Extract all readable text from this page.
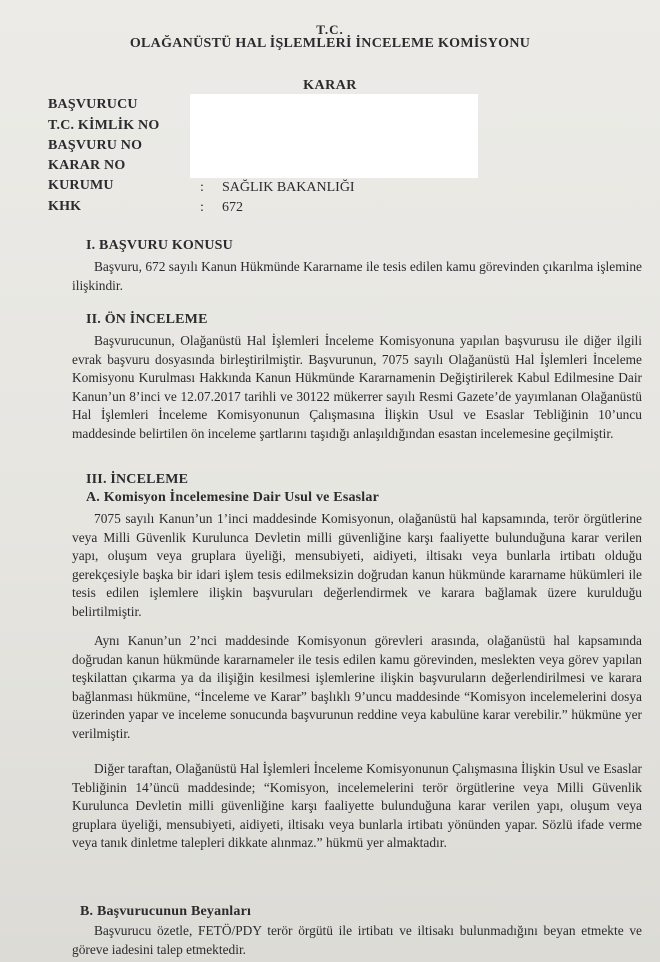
T.C.
OLAĞANÜSTÜ HAL İŞLEMLERİ İNCELEME KOMİSYONU
KARAR
BAŞVURUCU
T.C. KİMLİK NO
BAŞVURU NO
KARAR NO
KURUMU	: SAĞLIK BAKANLIĞI
KHK	: 672
I. BAŞVURU KONUSU

Başvuru, 672 sayılı Kanun Hükmünde Kararname ile tesis edilen kamu görevinden çıkarılma işlemine ilişkindir.

II. ÖN İNCELEME

Başvurucunun, Olağanüstü Hal İşlemleri İnceleme Komisyonuna yapılan başvurusu ile diğer ilgili evrak başvuru dosyasında birleştirilmiştir. Başvurunun, 7075 sayılı Olağanüstü Hal İşlemleri İnceleme Komisyonu Kurulması Hakkında Kanun Hükmünde Kararnamenin Değiştirilerek Kabul Edilmesine Dair Kanun’un 8’inci ve 12.07.2017 tarihli ve 30122 mükerrer sayılı Resmi Gazete’de yayımlanan Olağanüstü Hal İşlemleri İnceleme Komisyonunun Çalışmasına İlişkin Usul ve Esaslar Tebliğinin 10’uncu maddesinde belirtilen ön inceleme şartlarını taşıdığı anlaşıldığından esastan incelemesine geçilmiştir.

III. İNCELEME
A. Komisyon İncelemesine Dair Usul ve Esaslar

7075 sayılı Kanun’un 1’inci maddesinde Komisyonun, olağanüstü hal kapsamında, terör örgütlerine veya Milli Güvenlik Kurulunca Devletin milli güvenliğine karşı faaliyette bulunduğuna karar verilen yapı, oluşum veya gruplara üyeliği, mensubiyeti, aidiyeti, iltisakı veya bunlarla irtibatı olduğu gerekçesiyle başka bir idari işlem tesis edilmeksizin doğrudan kanun hükmünde kararname hükümleri ile tesis edilen işlemlere ilişkin başvuruları değerlendirmek ve karara bağlamak üzere kurulduğu belirtilmiştir.

Aynı Kanun’un 2’nci maddesinde Komisyonun görevleri arasında, olağanüstü hal kapsamında doğrudan kanun hükmünde kararnameler ile tesis edilen kamu görevinden, meslekten veya görev yapılan teşkilattan çıkarma ya da ilişiğin kesilmesi işlemlerine ilişkin başvuruların değerlendirilmesi ve karara bağlanması hükmüne, “İnceleme ve Karar” başlıklı 9’uncu maddesinde “Komisyon incelemelerini dosya üzerinden yapar ve inceleme sonucunda başvurunun reddine veya kabulüne karar verebilir.” hükmüne yer verilmiştir.

Diğer taraftan, Olağanüstü Hal İşlemleri İnceleme Komisyonunun Çalışmasına İlişkin Usul ve Esaslar Tebliğinin 14’üncü maddesinde; “Komisyon, incelemelerini terör örgütlerine veya Milli Güvenlik Kurulunca Devletin milli güvenliğine karşı faaliyette bulunduğuna karar verilen yapı, oluşum veya gruplara üyeliği, mensubiyeti, aidiyeti, iltisakı veya bunlarla irtibatı yönünden yapar. Sözlü ifade verme veya tanık dinletme talepleri dikkate alınmaz.” hükmü yer almaktadır.

B. Başvurucunun Beyanları

Başvurucu özetle, FETÖ/PDY terör örgütü ile irtibatı ve iltisakı bulunmadığını beyan etmekte ve göreve iadesini talep etmektedir.
